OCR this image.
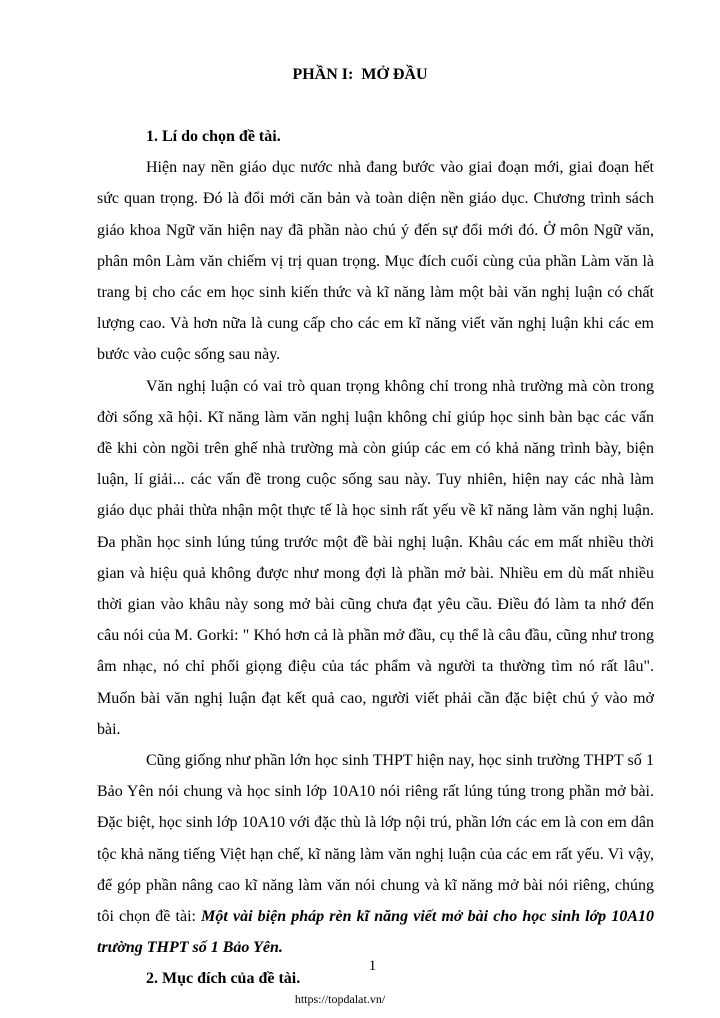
PHẦN I:  MỞ ĐẦU
1. Lí do chọn đề tài.

Hiện nay nền giáo dục nước nhà đang bước vào giai đoạn mới, giai đoạn hết sức quan trọng. Đó là đổi mới căn bản và toàn diện nền giáo dục. Chương trình sách giáo khoa Ngữ văn hiện nay đã phần nào chú ý đến sự đổi mới đó. Ở môn Ngữ văn, phân môn Làm văn chiếm vị trị quan trọng. Mục đích cuối cùng của phần Làm văn là trang bị cho các em học sinh kiến thức và kĩ năng làm một bài văn nghị luận có chất lượng cao. Và hơn nữa là cung cấp cho các em kĩ năng viết văn nghị luận khi các em bước vào cuộc sống sau này.

Văn nghị luận có vai trò quan trọng không chỉ trong nhà trường mà còn trong đời sống xã hội. Kĩ năng làm văn nghị luận không chỉ giúp học sinh bàn bạc các vấn đề khi còn ngồi trên ghế nhà trường mà còn giúp các em có khả năng trình bày, biện luận, lí giải... các vấn đề trong cuộc sống sau này. Tuy nhiên, hiện nay các nhà làm giáo dục phải thừa nhận một thực tế là học sinh rất yếu về kĩ năng làm văn nghị luận. Đa phần học sinh lúng túng trước một đề bài nghị luận. Khâu các em mất nhiều thời gian và hiệu quả không được như mong đợi là phần mở bài. Nhiều em dù mất nhiều thời gian vào khâu này song mở bài cũng chưa đạt yêu cầu. Điều đó làm ta nhớ đến câu nói của M. Gorki: " Khó hơn cả là phần mở đầu, cụ thể là câu đầu, cũng như trong âm nhạc, nó chỉ phối giọng điệu của tác phẩm và người ta thường tìm nó rất lâu". Muốn bài văn nghị luận đạt kết quả cao, người viết phải cần đặc biệt chú ý vào mở bài.

Cũng giống như phần lớn học sinh THPT hiện nay, học sinh trường THPT số 1 Bảo Yên nói chung và học sinh lớp 10A10 nói riêng rất lúng túng trong phần mở bài. Đặc biệt, học sinh lớp 10A10 với đặc thù là lớp nội trú, phần lớn các em là con em dân tộc khả năng tiếng Việt hạn chế, kĩ năng làm văn nghị luận của các em rất yếu. Vì vậy, để góp phần nâng cao kĩ năng làm văn nói chung và kĩ năng mở bài nói riêng, chúng tôi chọn đề tài: Một vài biện pháp rèn kĩ năng viết mở bài cho học sinh lớp 10A10 trường THPT số 1 Bảo Yên.

2. Mục đích của đề tài.
1
https://topdalat.vn/
